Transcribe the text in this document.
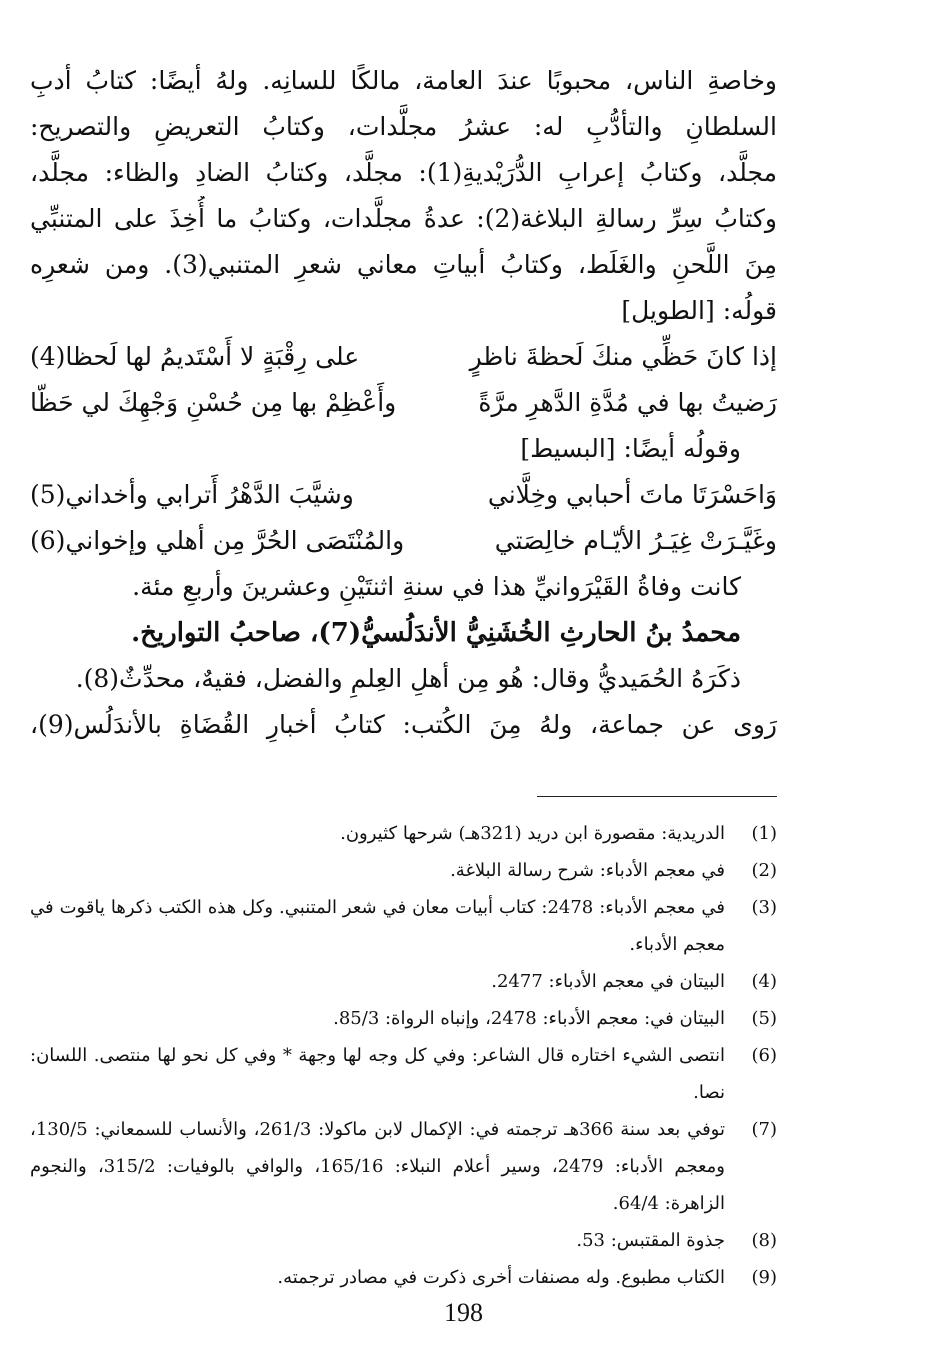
وخاصةِ الناس، محبوبًا عندَ العامة، مالكًا للسانِه. ولهُ أيضًا: كتابُ أدبِ
السلطانِ والتأدُّبِ له: عشرُ مجلَّدات، وكتابُ التعريضِ والتصريح:
مجلَّد، وكتابُ إعرابِ الدُّرَيْديةِ(1): مجلَّد، وكتابُ الضادِ والظاء: مجلَّد،
وكتابُ سِرِّ رسالةِ البلاغة(2): عدةُ مجلَّدات، وكتابُ ما أُخِذَ على المتنبِّي
مِنَ اللَّحنِ والغَلَط، وكتابُ أبياتِ معاني شعرِ المتنبي(3). ومن شعرِه
قولُه: [الطويل]
إذا كانَ حَظِّي منكَ لَحظةَ ناظرٍ
على رِقْبَةٍ لا أَسْتَديمُ لها لَحظا(4)
رَضيتُ بها في مُدَّةِ الدَّهرِ مرَّةً
وأَعْظِمْ بها مِن حُسْنِ وَجْهِكَ لي حَظّا
وقولُه أيضًا: [البسيط]
وَاحَسْرَتَا ماتَ أحبابي وخِلَّاني
وشيَّبَ الدَّهْرُ أَترابي وأخداني(5)
وغَيَّـرَتْ غِيَـرُ الأيّـام خالِصَتي
والمُنْتَصَى الحُرَّ مِن أهلي وإخواني(6)
كانت وفاةُ القَيْرَوانيِّ هذا في سنةِ اثنتَيْنِ وعشرينَ وأربعِ مئة.
محمدُ بنُ الحارثِ الخُشَنِيُّ الأندَلُسيُّ(7)، صاحبُ التواريخ.
ذكَرَهُ الحُمَيديُّ وقال: هُو مِن أهلِ العِلمِ والفضل، فقيهٌ، محدِّثٌ(8).
رَوى عن جماعة، ولهُ مِنَ الكُتب: كتابُ أخبارِ القُضَاةِ بالأندَلُس(9)،
(1)
الدريدية: مقصورة ابن دريد (321هـ) شرحها كثيرون.
(2)
في معجم الأدباء: شرح رسالة البلاغة.
(3)
في معجم الأدباء: 2478: كتاب أبيات معان في شعر المتنبي. وكل هذه الكتب ذكرها ياقوت في معجم الأدباء.
(4)
البيتان في معجم الأدباء: 2477.
(5)
البيتان في: معجم الأدباء: 2478، وإنباه الرواة: 85/3.
(6)
انتصى الشيء اختاره قال الشاعر: وفي كل وجه لها وجهة * وفي كل نحو لها منتصى. اللسان: نصا.
(7)
توفي بعد سنة 366هـ ترجمته في: الإكمال لابن ماكولا: 261/3، والأنساب للسمعاني: 130/5، ومعجم الأدباء: 2479، وسير أعلام النبلاء: 165/16، والوافي بالوفيات: 315/2، والنجوم الزاهرة: 64/4.
(8)
جذوة المقتبس: 53.
(9)
الكتاب مطبوع. وله مصنفات أخرى ذكرت في مصادر ترجمته.
198
